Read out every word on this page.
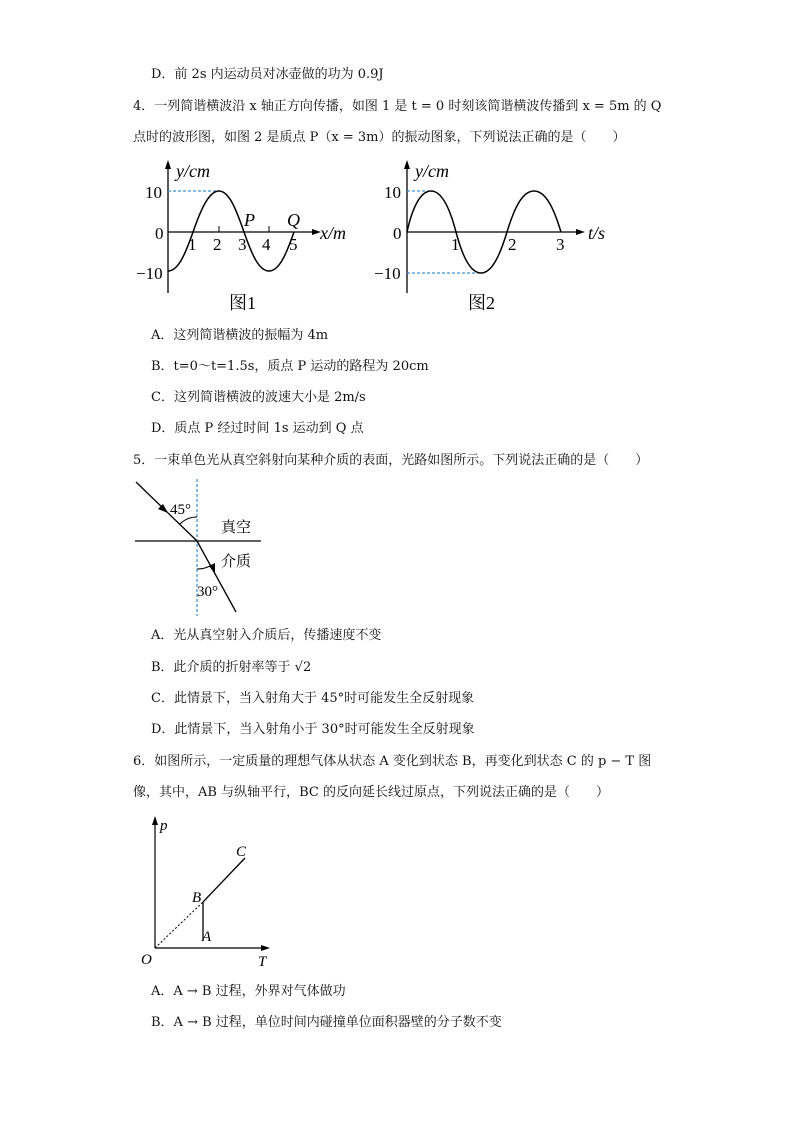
D．前 2s 内运动员对冰壶做的功为 0.9J
4．一列简谐横波沿 x 轴正方向传播，如图 1 是 t = 0 时刻该简谐横波传播到 x = 5m 的 Q
点时的波形图，如图 2 是质点 P（x = 3m）的振动图象，下列说法正确的是（　　）
y/cm
10
0
−10
1 2 3 4 5
P Q
x/m
图1
y/cm
10
0
−10
1	2 3
t/s
图2
A．这列简谐横波的振幅为 4m
B．t=0～t=1.5s，质点 P 运动的路程为 20cm
C．这列简谐横波的波速大小是 2m/s
D．质点 P 经过时间 1s 运动到 Q 点
5．一束单色光从真空斜射向某种介质的表面，光路如图所示。下列说法正确的是（　　）
45°
真空
介质
30°
A．光从真空射入介质后，传播速度不变
B．此介质的折射率等于 √2
C．此情景下，当入射角大于 45°时可能发生全反射现象
D．此情景下，当入射角小于 30°时可能发生全反射现象
6．如图所示，一定质量的理想气体从状态 A 变化到状态 B，再变化到状态 C 的 p − T 图
像，其中，AB 与纵轴平行，BC 的反向延长线过原点，下列说法正确的是（　　）
p
C
B
A
O	T
A．A → B 过程，外界对气体做功
B．A → B 过程，单位时间内碰撞单位面积器壁的分子数不变
